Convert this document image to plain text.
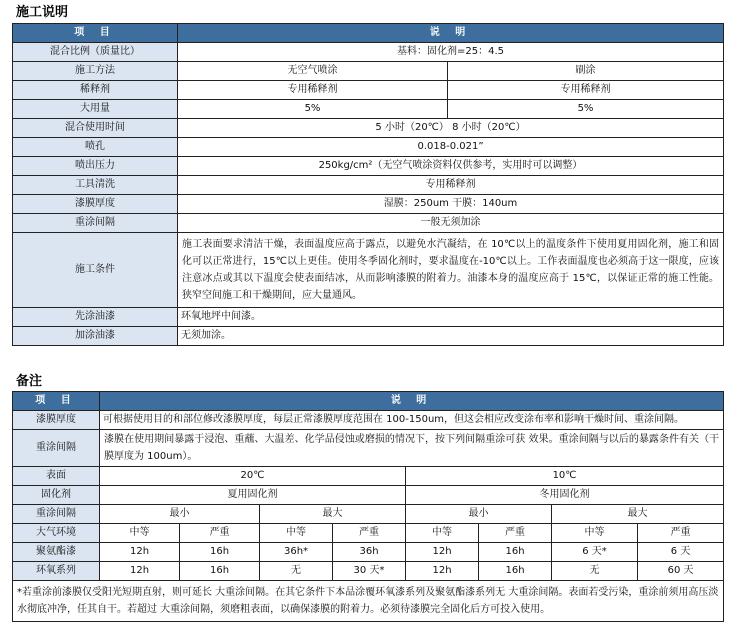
施工说明
项 目	说 明	
混合比例（质量比）	基料：固化剂=25：4.5	
施工方法	无空气喷涂	刷涂
稀释剂	专用稀释剂	专用稀释剂
大用量	5%	5%
混合使用时间	5 小时（20℃） 8 小时（20℃）	
喷孔	0.018-0.021”	
喷出压力	250kg/cm²（无空气喷涂资料仅供参考，实用时可以调整）	
工具清洗	专用稀释剂	
漆膜厚度	湿膜：250um 干膜：140um	
重涂间隔	一般无须加涂	
施工条件	施工表面要求清洁干燥，表面温度应高于露点，以避免水汽凝结，在 10℃以上的温度条件下使用夏用固化剂，施工和固化可以正常进行，15℃以上更佳。使用冬季固化剂时，要求温度在-10℃以上。工作表面温度也必须高于这一限度，应该注意冰点或其以下温度会使表面结冰，从而影响漆膜的附着力。油漆本身的温度应高于 15℃，以保证正常的施工性能。狭窄空间施工和干燥期间，应大量通风。	
先涂油漆	环氧地坪中间漆。	
加涂油漆	无须加涂。	
备注
项 目	说 明							
漆膜厚度	可根据使用目的和部位修改漆膜厚度，每层正常漆膜厚度范围在 100-150um，但这会相应改变涂布率和影响干燥时间、重涂间隔。							
重涂间隔	漆膜在使用期间暴露于浸泡、重蘸、大温差、化学品侵蚀或磨损的情况下，按下列间隔重涂可获 效果。重涂间隔与以后的暴露条件有关（干膜厚度为 100um）。							
表面	20℃				10℃			
固化剂	夏用固化剂				冬用固化剂			
重涂间隔	最小		最大		最小		最大	
大气环境	中等	严重	中等	严重	中等	严重	中等	严重
聚氨酯漆	12h	16h	36h*	36h	12h	16h	6 天*	6 天
环氧系列	12h	16h	无	30 天*	12h	16h	无	60 天
*若重涂前漆膜仅受阳光短期直射，则可延长 大重涂间隔。在其它条件下本品涂覆环氧漆系列及聚氨酯漆系列无 大重涂间隔。表面若受污染，重涂前须用高压淡水彻底冲净，任其自干。若超过 大重涂间隔，须磨粗表面，以确保漆膜的附着力。必须待漆膜完全固化后方可投入使用。								
